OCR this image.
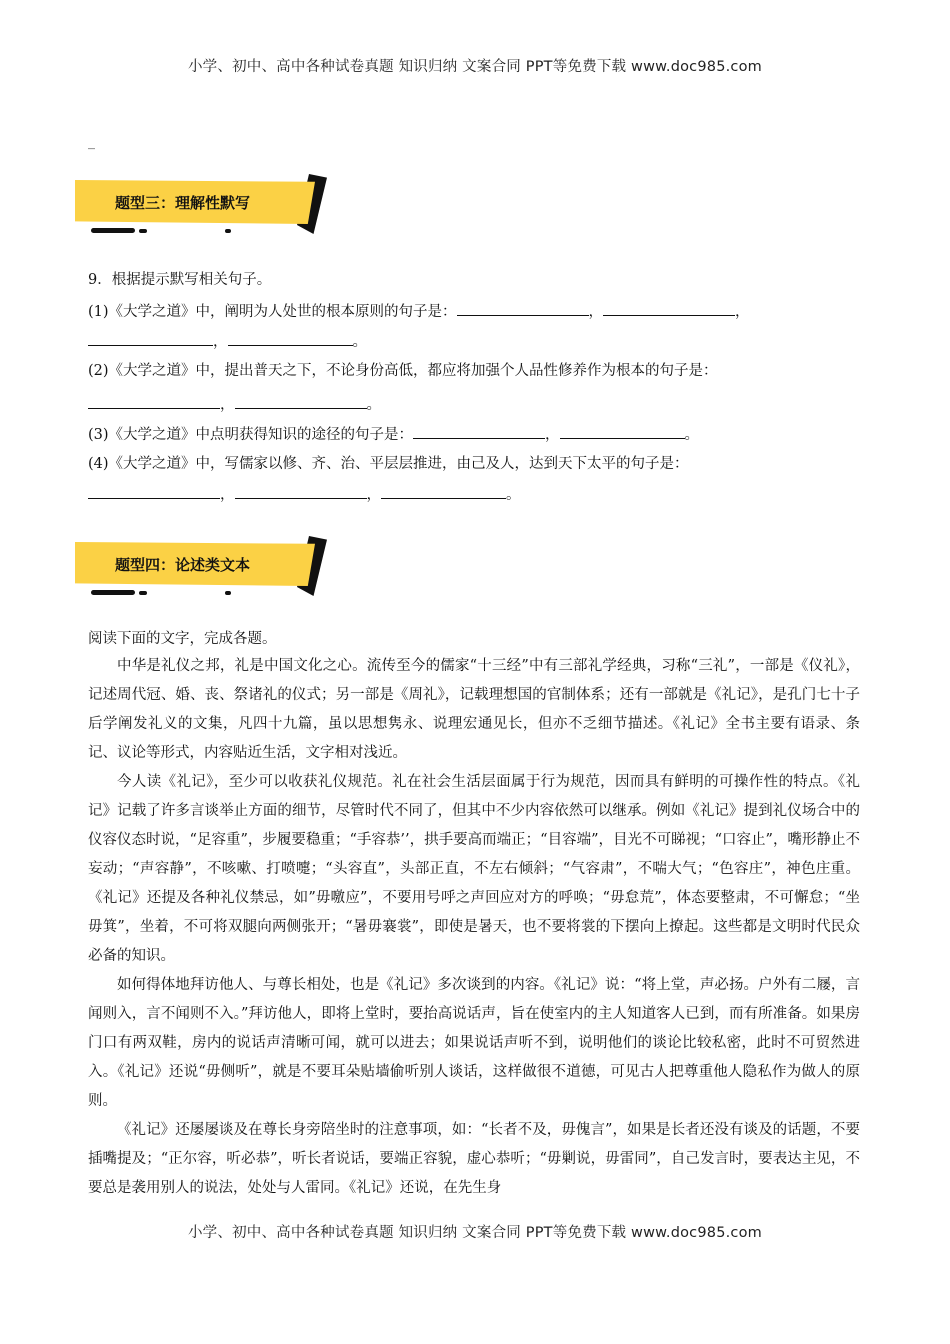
小学、初中、高中各种试卷真题 知识归纳 文案合同 PPT等免费下载 www.doc985.com
_
题型三：理解性默写
9．根据提示默写相关句子。
(1)《大学之道》中，阐明为人处世的根本原则的句子是：	，	，
，	。
(2)《大学之道》中，提出普天之下，不论身份高低，都应将加强个人品性修养作为根本的句子是：
，	。
(3)《大学之道》中点明获得知识的途径的句子是：	，	。
(4)《大学之道》中，写儒家以修、齐、治、平层层推进，由己及人，达到天下太平的句子是：
，	，	。
题型四：论述类文本
阅读下面的文字，完成各题。

中华是礼仪之邦，礼是中国文化之心。流传至今的儒家“十三经”中有三部礼学经典，习称“三礼”，一部是《仪礼》，记述周代冠、婚、丧、祭诸礼的仪式；另一部是《周礼》，记载理想国的官制体系；还有一部就是《礼记》，是孔门七十子后学阐发礼义的文集，凡四十九篇，虽以思想隽永、说理宏通见长，但亦不乏细节描述。《礼记》全书主要有语录、条记、议论等形式，内容贴近生活，文字相对浅近。

今人读《礼记》，至少可以收获礼仪规范。礼在社会生活层面属于行为规范，因而具有鲜明的可操作性的特点。《礼记》记载了许多言谈举止方面的细节，尽管时代不同了，但其中不少内容依然可以继承。例如《礼记》提到礼仪场合中的仪容仪态时说，“足容重”，步履要稳重；“手容恭’’，拱手要高而端正；“目容端”，目光不可睇视；“口容止”，嘴形静止不妄动；“声容静”，不咳嗽、打喷嚏；“头容直”，头部正直，不左右倾斜；“气容肃”，不喘大气；“色容庄”，神色庄重。《礼记》还提及各种礼仪禁忌，如”毋噭应”，不要用号呼之声回应对方的呼唤；“毋怠荒”，体态要整肃，不可懈怠；“坐毋箕”，坐着，不可将双腿向两侧张开；“暑毋褰裳”，即使是暑天，也不要将裳的下摆向上撩起。这些都是文明时代民众必备的知识。

如何得体地拜访他人、与尊长相处，也是《礼记》多次谈到的内容。《礼记》说：“将上堂，声必扬。户外有二屦，言闻则入，言不闻则不入。”拜访他人，即将上堂时，要抬高说话声，旨在使室内的主人知道客人已到，而有所准备。如果房门口有两双鞋，房内的说话声清晰可闻，就可以进去；如果说话声听不到，说明他们的谈论比较私密，此时不可贸然进入。《礼记》还说“毋侧听”，就是不要耳朵贴墙偷听别人谈话，这样做很不道德，可见古人把尊重他人隐私作为做人的原则。

《礼记》还屡屡谈及在尊长身旁陪坐时的注意事项，如：“长者不及，毋傀言”，如果是长者还没有谈及的话题，不要插嘴提及；“正尔容，听必恭”，听长者说话，要端正容貌，虚心恭听；“毋剿说，毋雷同”，自己发言时，要表达主见，不要总是袭用别人的说法，处处与人雷同。《礼记》还说，在先生身

小学、初中、高中各种试卷真题 知识归纳 文案合同 PPT等免费下载 www.doc985.com
